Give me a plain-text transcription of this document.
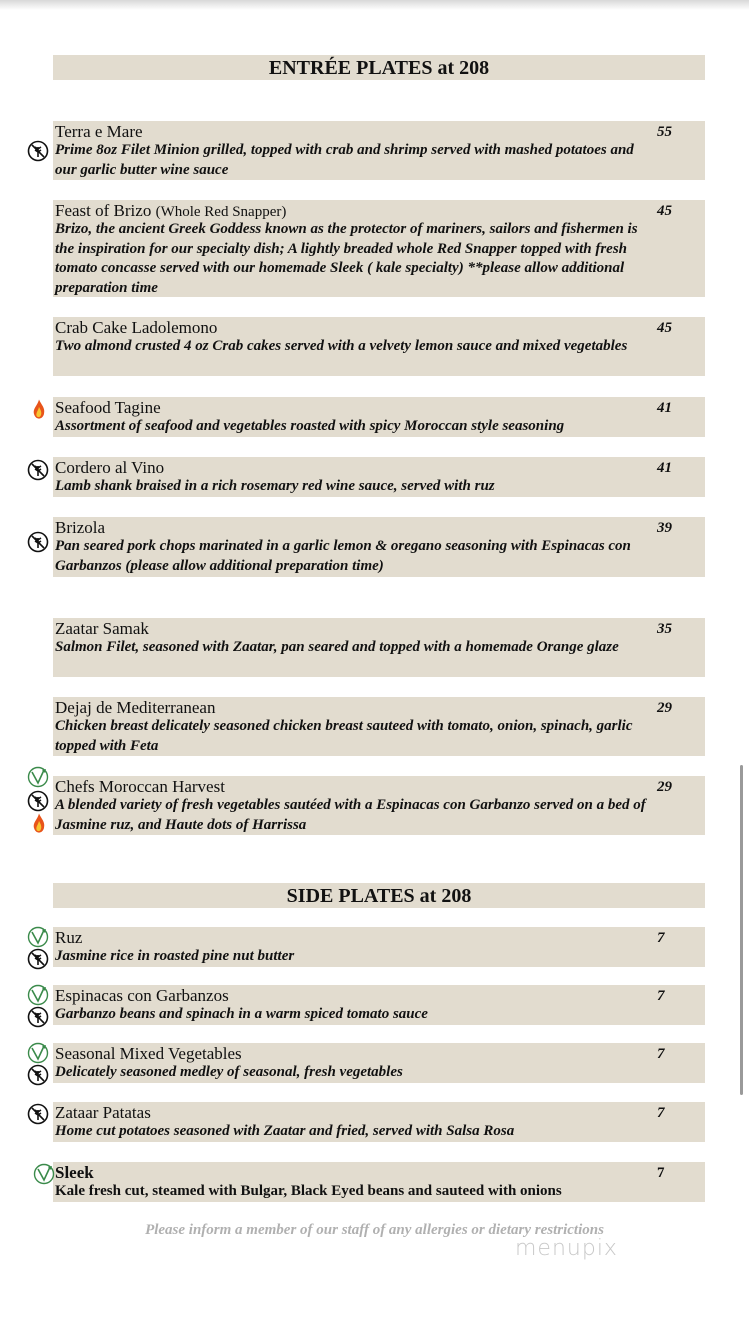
ENTRÉE PLATES at 208
SIDE PLATES at 208
Terra e Mare	55
Prime 8oz Filet Minion grilled, topped with crab and shrimp served with mashed potatoes and our garlic butter wine sauce
Feast of Brizo (Whole Red Snapper)	45
Brizo, the ancient Greek Goddess known as the protector of mariners, sailors and fishermen is the inspiration for our specialty dish; A lightly breaded whole Red Snapper topped with fresh tomato concasse served with our homemade Sleek ( kale specialty) **please allow additional preparation time
Crab Cake Ladolemono	45
Two almond crusted 4 oz Crab cakes served with a velvety lemon sauce and mixed vegetables
Seafood Tagine	41
Assortment of seafood and vegetables roasted with spicy Moroccan style seasoning
Cordero al Vino	41
Lamb shank braised in a rich rosemary red wine sauce, served with ruz
Brizola	39
Pan seared pork chops marinated in a garlic lemon & oregano seasoning with Espinacas con Garbanzos (please allow additional preparation time)
Zaatar Samak	35
Salmon Filet, seasoned with Zaatar, pan seared and topped with a homemade Orange glaze
Dejaj de Mediterranean	29
Chicken breast delicately seasoned chicken breast sauteed with tomato, onion, spinach, garlic topped with Feta
Chefs Moroccan Harvest	29
A blended variety of fresh vegetables sautéed with a Espinacas con Garbanzo served on a bed of Jasmine ruz, and Haute dots of Harrissa
Ruz	7
Jasmine rice in roasted pine nut butter
Espinacas con Garbanzos	7
Garbanzo beans and spinach in a warm spiced tomato sauce
Seasonal Mixed Vegetables	7
Delicately seasoned medley of seasonal, fresh vegetables
Zataar Patatas	7
Home cut potatoes seasoned with Zaatar and fried, served with Salsa Rosa
Sleek	7
Kale fresh cut, steamed with Bulgar, Black Eyed beans and sauteed with onions
Please inform a member of our staff of any allergies or dietary restrictions
menupix
